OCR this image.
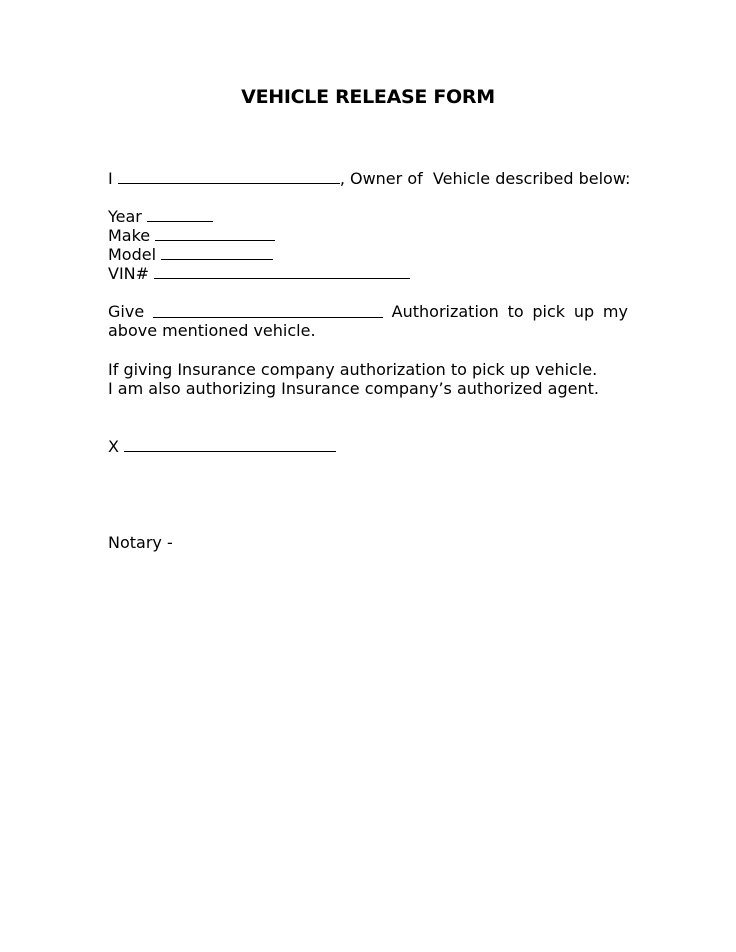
VEHICLE RELEASE FORM
I	, Owner of  Vehicle described below:
Year
Make
Model
VIN#
Give	Authorization to pick up my
above mentioned vehicle.
If giving Insurance company authorization to pick up vehicle.
I am also authorizing Insurance company’s authorized agent.
X
Notary -
